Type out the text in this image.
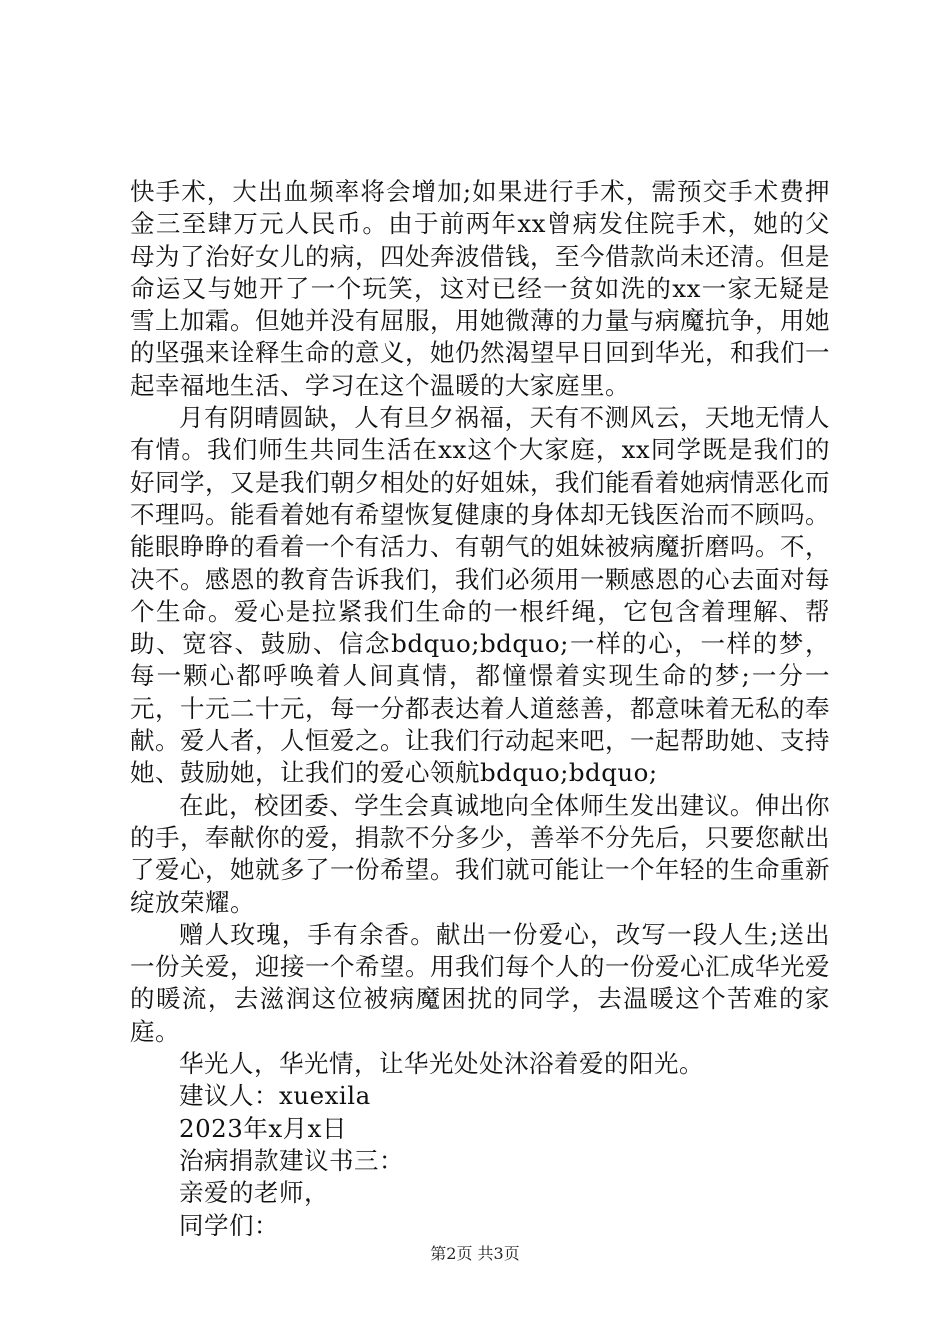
快手术，大出血频率将会增加;如果进行手术，需预交手术费押金三至肆万元人民币。由于前两年xx曾病发住院手术，她的父母为了治好女儿的病，四处奔波借钱，至今借款尚未还清。但是命运又与她开了一个玩笑，这对已经一贫如洗的xx一家无疑是雪上加霜。但她并没有屈服，用她微薄的力量与病魔抗争，用她的坚强来诠释生命的意义，她仍然渴望早日回到华光，和我们一起幸福地生活、学习在这个温暖的大家庭里。

月有阴晴圆缺，人有旦夕祸福，天有不测风云，天地无情人有情。我们师生共同生活在xx这个大家庭，xx同学既是我们的好同学，又是我们朝夕相处的好姐妹，我们能看着她病情恶化而不理吗。能看着她有希望恢复健康的身体却无钱医治而不顾吗。能眼睁睁的看着一个有活力、有朝气的姐妹被病魔折磨吗。不，决不。感恩的教育告诉我们，我们必须用一颗感恩的心去面对每个生命。爱心是拉紧我们生命的一根纤绳，它包含着理解、帮助、宽容、鼓励、信念bdquo;bdquo;一样的心，一样的梦，每一颗心都呼唤着人间真情，都憧憬着实现生命的梦;一分一元，十元二十元，每一分都表达着人道慈善，都意味着无私的奉献。爱人者，人恒爱之。让我们行动起来吧，一起帮助她、支持她、鼓励她，让我们的爱心领航bdquo;bdquo;

在此，校团委、学生会真诚地向全体师生发出建议。伸出你的手，奉献你的爱，捐款不分多少，善举不分先后，只要您献出了爱心，她就多了一份希望。我们就可能让一个年轻的生命重新绽放荣耀。

赠人玫瑰，手有余香。献出一份爱心，改写一段人生;送出一份关爱，迎接一个希望。用我们每个人的一份爱心汇成华光爱的暖流，去滋润这位被病魔困扰的同学，去温暖这个苦难的家庭。

华光人，华光情，让华光处处沐浴着爱的阳光。

建议人：xuexila

2023年x月x日

治病捐款建议书三：

亲爱的老师，

同学们：

第2页 共3页
